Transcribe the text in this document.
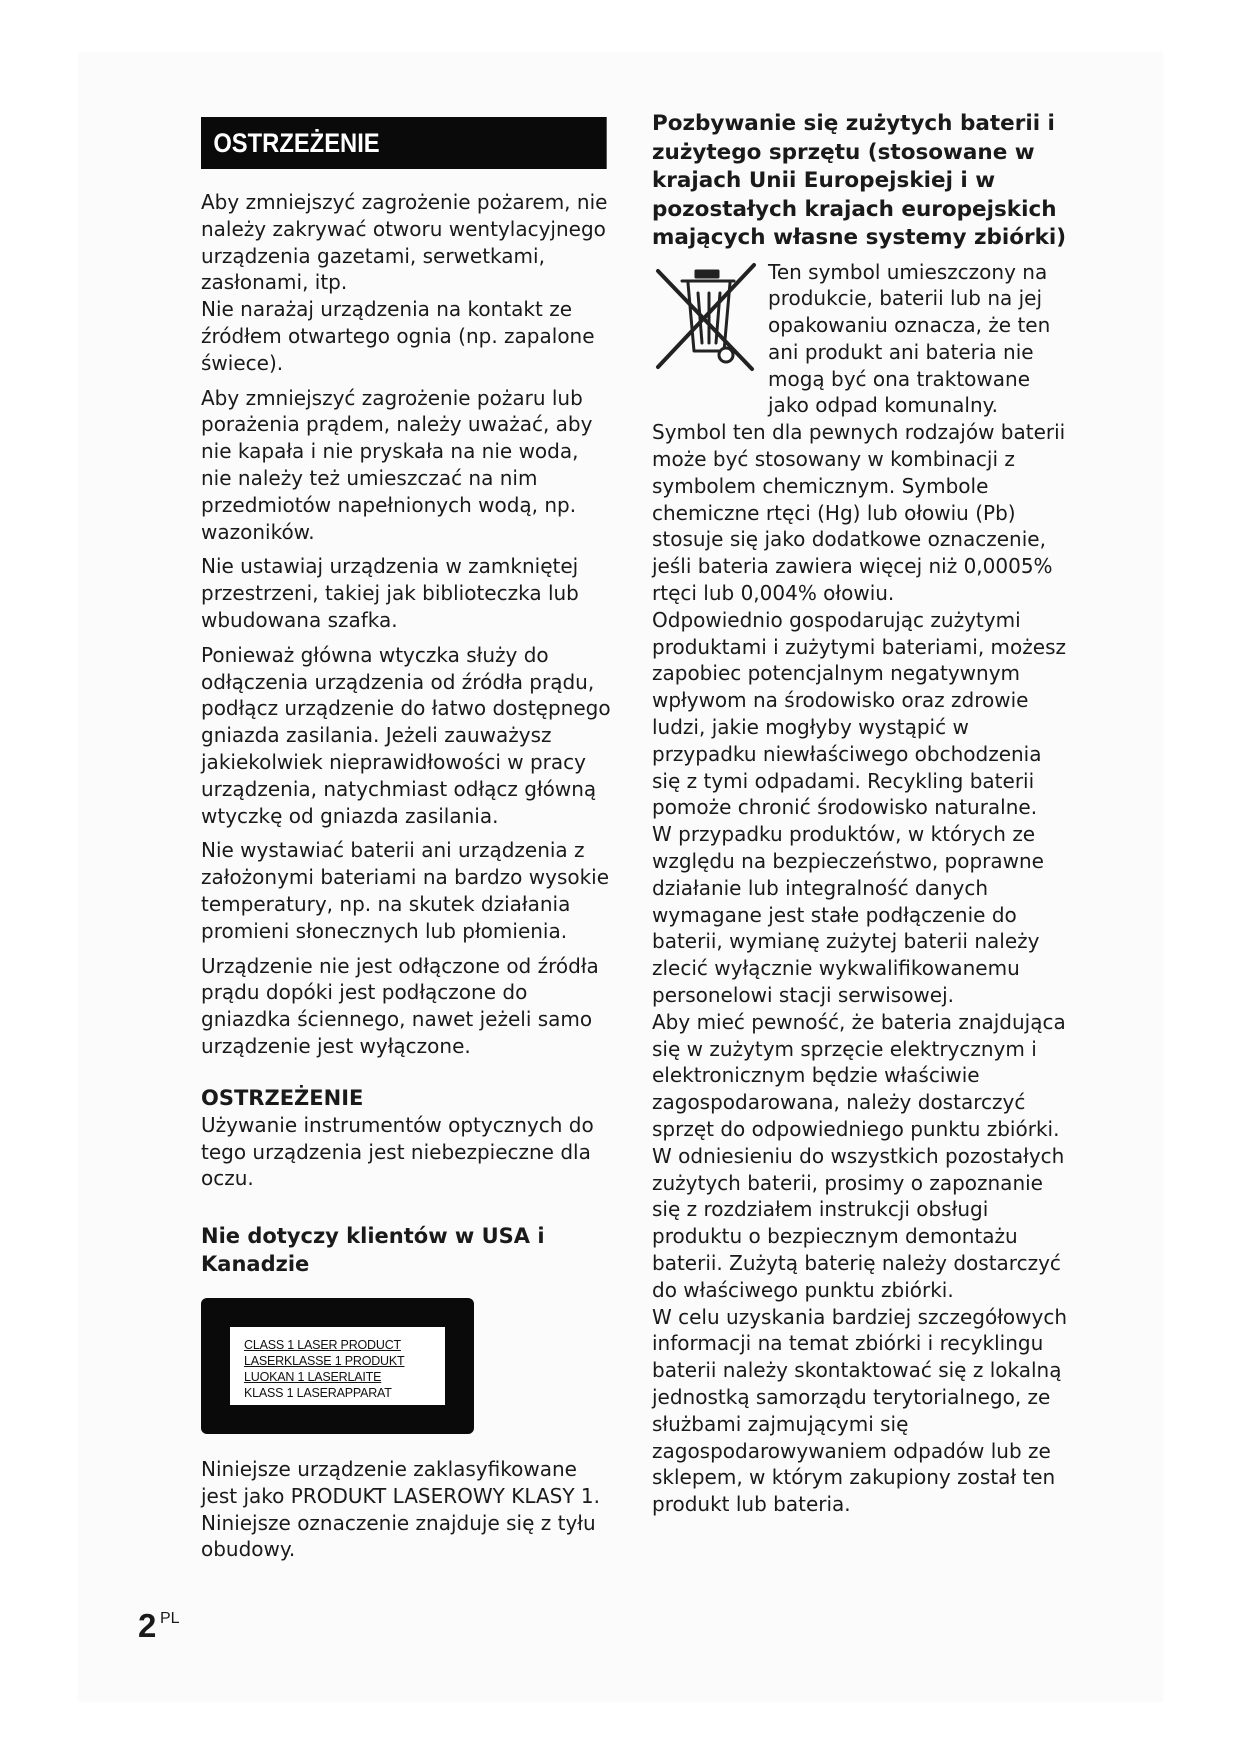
OSTRZEŻENIE

Aby zmniejszyć zagrożenie pożarem, nie należy zakrywać otworu wentylacyjnego urządzenia gazetami, serwetkami, zasłonami, itp.

Nie narażaj urządzenia na kontakt ze źródłem otwartego ognia (np. zapalone świece).

Aby zmniejszyć zagrożenie pożaru lub porażenia prądem, należy uważać, aby nie kapała i nie pryskała na nie woda, nie należy też umieszczać na nim przedmiotów napełnionych wodą, np. wazoników.

Nie ustawiaj urządzenia w zamkniętej przestrzeni, takiej jak biblioteczka lub wbudowana szafka.

Ponieważ główna wtyczka służy do odłączenia urządzenia od źródła prądu, podłącz urządzenie do łatwo dostępnego gniazda zasilania. Jeżeli zauważysz jakiekolwiek nieprawidłowości w pracy urządzenia, natychmiast odłącz główną wtyczkę od gniazda zasilania.

Nie wystawiać baterii ani urządzenia z założonymi bateriami na bardzo wysokie temperatury, np. na skutek działania promieni słonecznych lub płomienia.

Urządzenie nie jest odłączone od źródła prądu dopóki jest podłączone do gniazdka ściennego, nawet jeżeli samo urządzenie jest wyłączone.

OSTRZEŻENIE

Używanie instrumentów optycznych do tego urządzenia jest niebezpieczne dla oczu.

Nie dotyczy klientów w USA i Kanadzie

CLASS 1 LASER PRODUCT
LASERKLASSE 1 PRODUKT
LUOKAN 1 LASERLAITE
KLASS 1 LASERAPPARAT

Niniejsze urządzenie zaklasyfikowane jest jako PRODUKT LASEROWY KLASY 1. Niniejsze oznaczenie znajduje się z tyłu obudowy.

Pozbywanie się zużytych baterii i zużytego sprzętu (stosowane w krajach Unii Europejskiej i w pozostałych krajach europejskich mających własne systemy zbiórki)

Ten symbol umieszczony na produkcie, baterii lub na jej opakowaniu oznacza, że ten ani produkt ani bateria nie mogą być ona traktowane jako odpad komunalny.

Symbol ten dla pewnych rodzajów baterii może być stosowany w kombinacji z symbolem chemicznym. Symbole chemiczne rtęci (Hg) lub ołowiu (Pb) stosuje się jako dodatkowe oznaczenie, jeśli bateria zawiera więcej niż 0,0005% rtęci lub 0,004% ołowiu.

Odpowiednio gospodarując zużytymi produktami i zużytymi bateriami, możesz zapobiec potencjalnym negatywnym wpływom na środowisko oraz zdrowie ludzi, jakie mogłyby wystąpić w przypadku niewłaściwego obchodzenia się z tymi odpadami. Recykling baterii pomoże chronić środowisko naturalne.

W przypadku produktów, w których ze względu na bezpieczeństwo, poprawne działanie lub integralność danych wymagane jest stałe podłączenie do baterii, wymianę zużytej baterii należy zlecić wyłącznie wykwalifikowanemu personelowi stacji serwisowej.

Aby mieć pewność, że bateria znajdująca się w zużytym sprzęcie elektrycznym i elektronicznym będzie właściwie zagospodarowana, należy dostarczyć sprzęt do odpowiedniego punktu zbiórki.

W odniesieniu do wszystkich pozostałych zużytych baterii, prosimy o zapoznanie się z rozdziałem instrukcji obsługi produktu o bezpiecznym demontażu baterii. Zużytą baterię należy dostarczyć do właściwego punktu zbiórki.

W celu uzyskania bardziej szczegółowych informacji na temat zbiórki i recyklingu baterii należy skontaktować się z lokalną jednostką samorządu terytorialnego, ze służbami zajmującymi się zagospodarowywaniem odpadów lub ze sklepem, w którym zakupiony został ten produkt lub bateria.

2 PL
